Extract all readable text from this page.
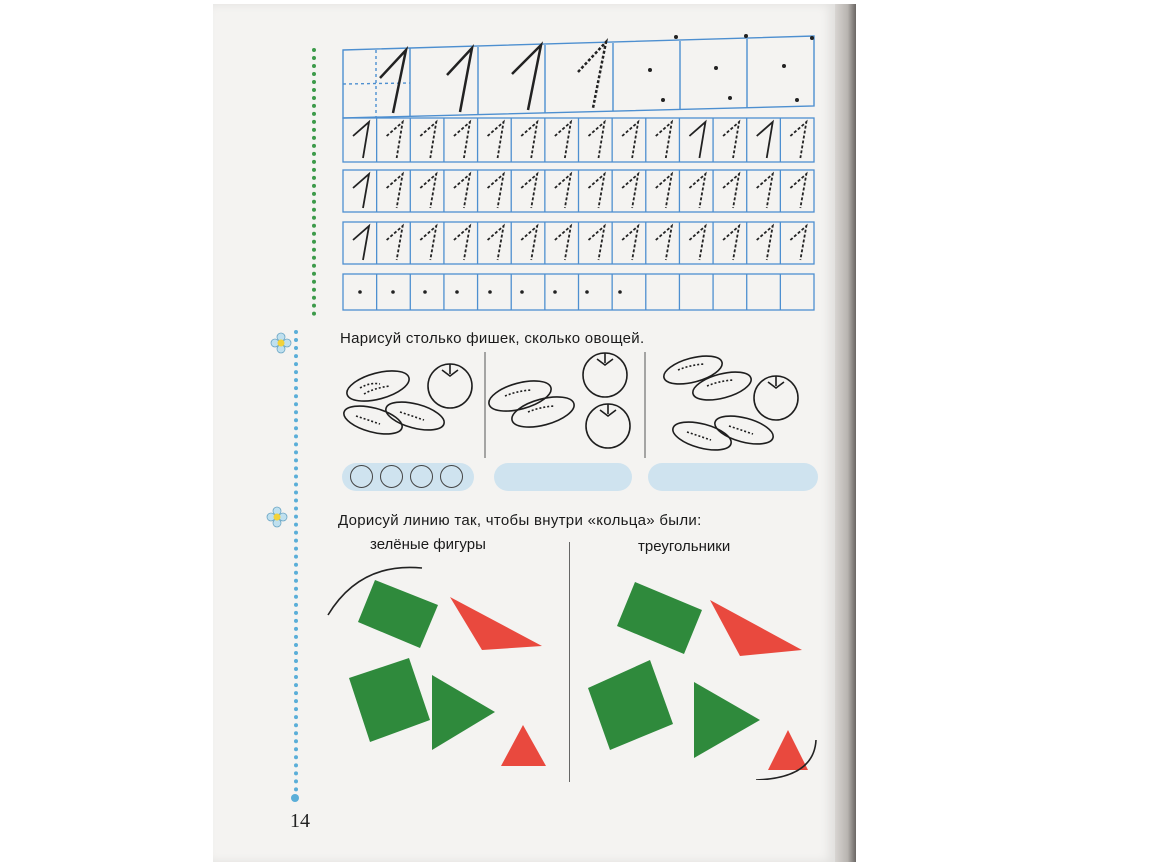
Нарисуй столько фишек, сколько овощей.
Дорисуй линию так, чтобы внутри «кольца» были:
зелёные фигуры	треугольники
14
